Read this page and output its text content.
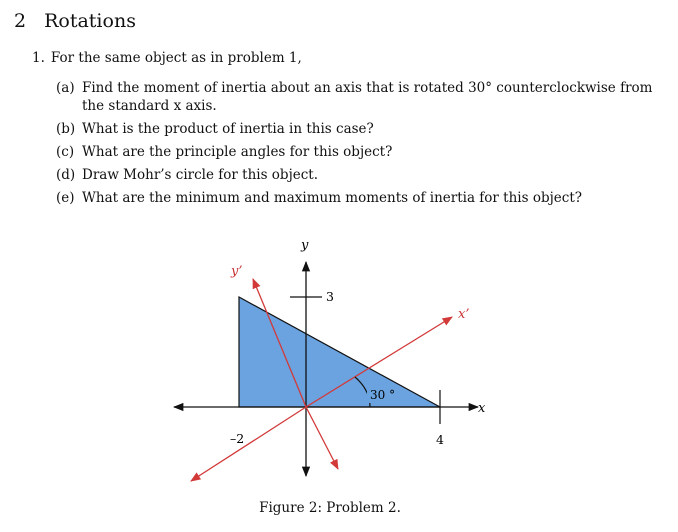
2 Rotations
1. For the same object as in problem 1,
(a) Find the moment of inertia about an axis that is rotated 30° counterclockwise from the standard x axis.
(b) What is the product of inertia in this case?
(c) What are the principle angles for this object?
(d) Draw Mohr’s circle for this object.
(e) What are the minimum and maximum moments of inertia for this object?
y
y’
x
x’
3
4
–2
30 °
Figure 2: Problem 2.
